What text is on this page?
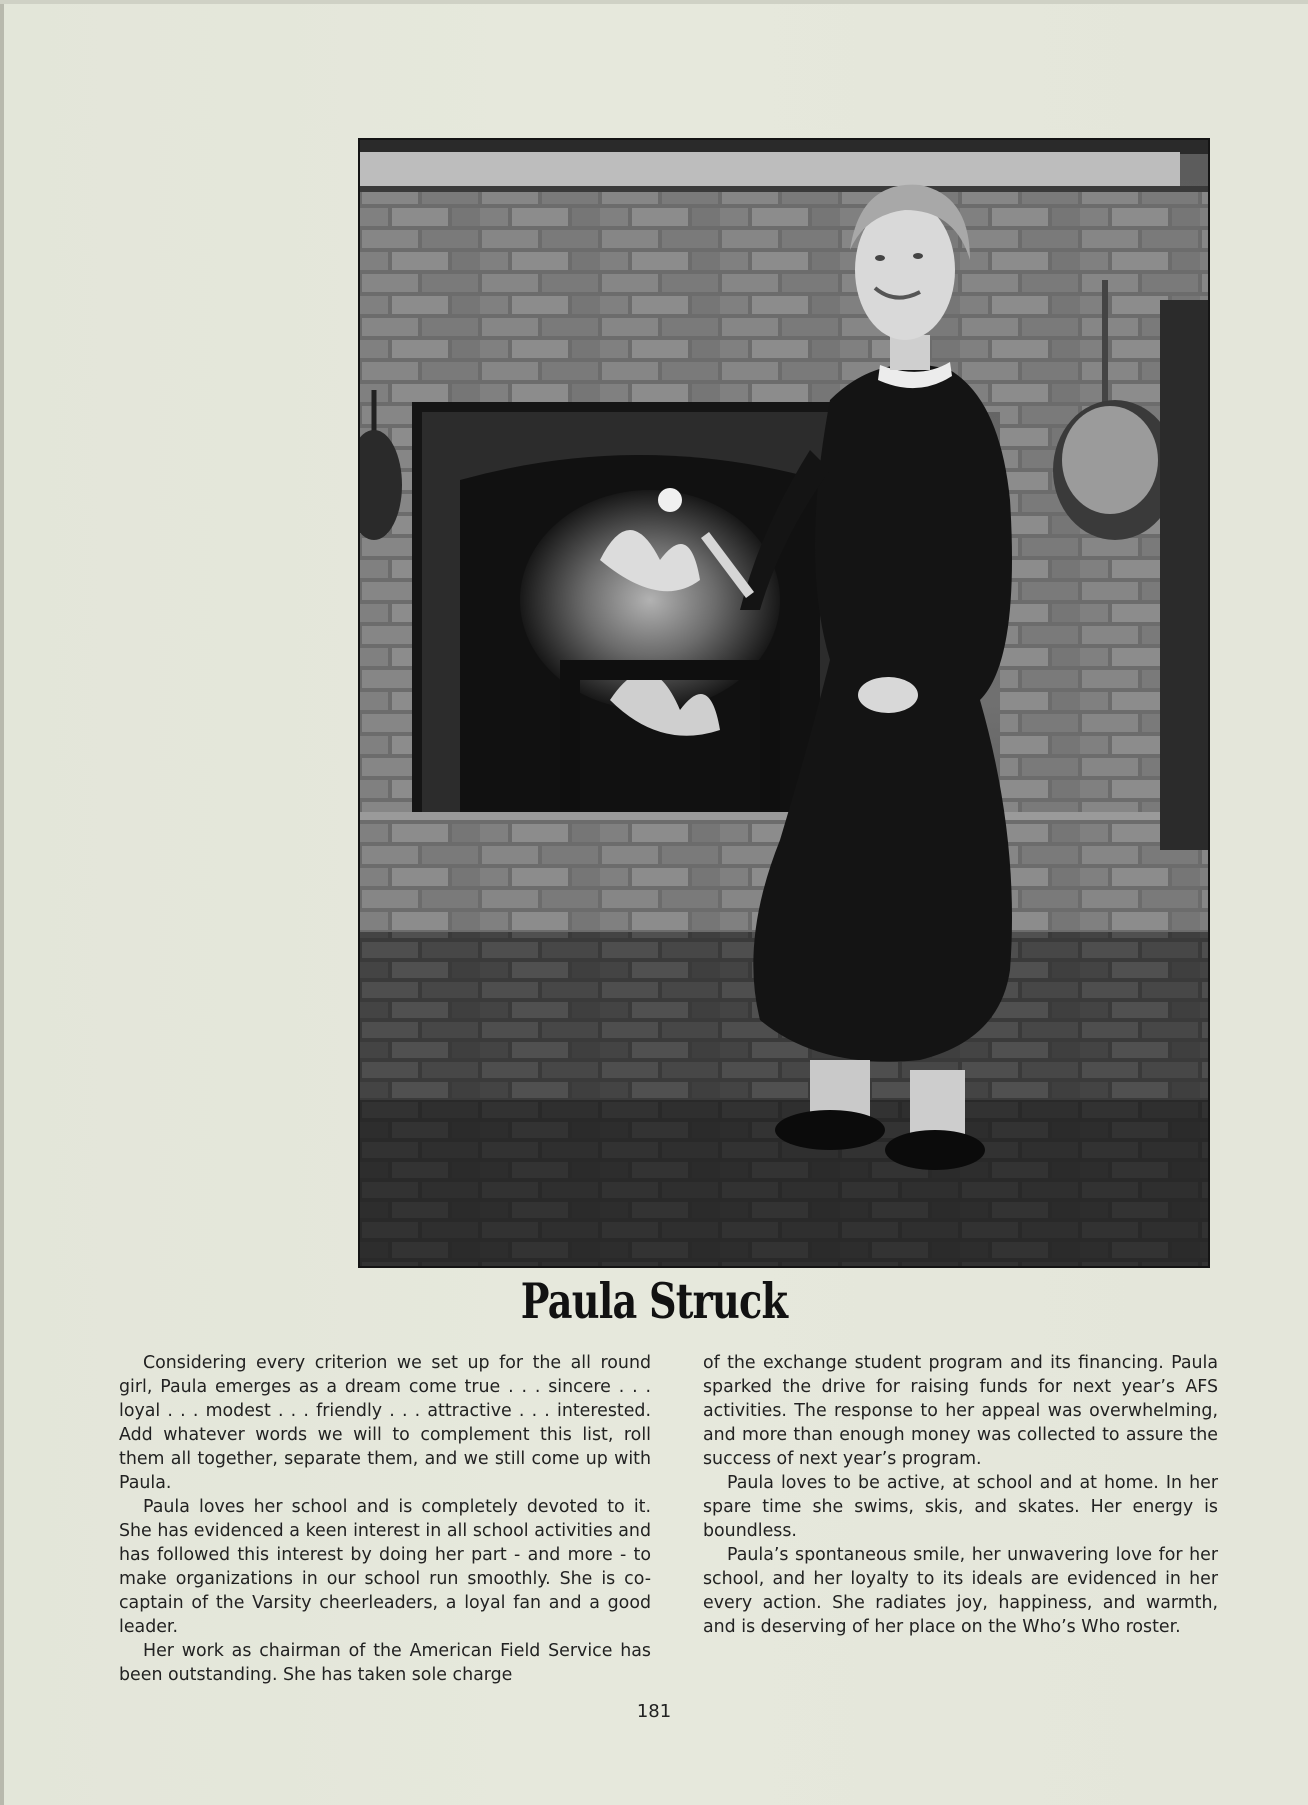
Paula Struck

Considering every criterion we set up for the all round girl, Paula emerges as a dream come true . . . sincere . . . loyal . . . modest . . . friendly . . . attractive . . . interested. Add whatever words we will to complement this list, roll them all together, separate them, and we still come up with Paula.

Paula loves her school and is completely devoted to it. She has evidenced a keen interest in all school activities and has followed this interest by doing her part - and more - to make organizations in our school run smoothly. She is co-captain of the Varsity cheerleaders, a loyal fan and a good leader.

Her work as chairman of the American Field Service has been outstanding. She has taken sole charge

of the exchange student program and its financing. Paula sparked the drive for raising funds for next year’s AFS activities. The response to her appeal was overwhelming, and more than enough money was collected to assure the success of next year’s program.

Paula loves to be active, at school and at home. In her spare time she swims, skis, and skates. Her energy is boundless.

Paula’s spontaneous smile, her unwavering love for her school, and her loyalty to its ideals are evidenced in her every action. She radiates joy, happiness, and warmth, and is deserving of her place on the Who’s Who roster.

181
